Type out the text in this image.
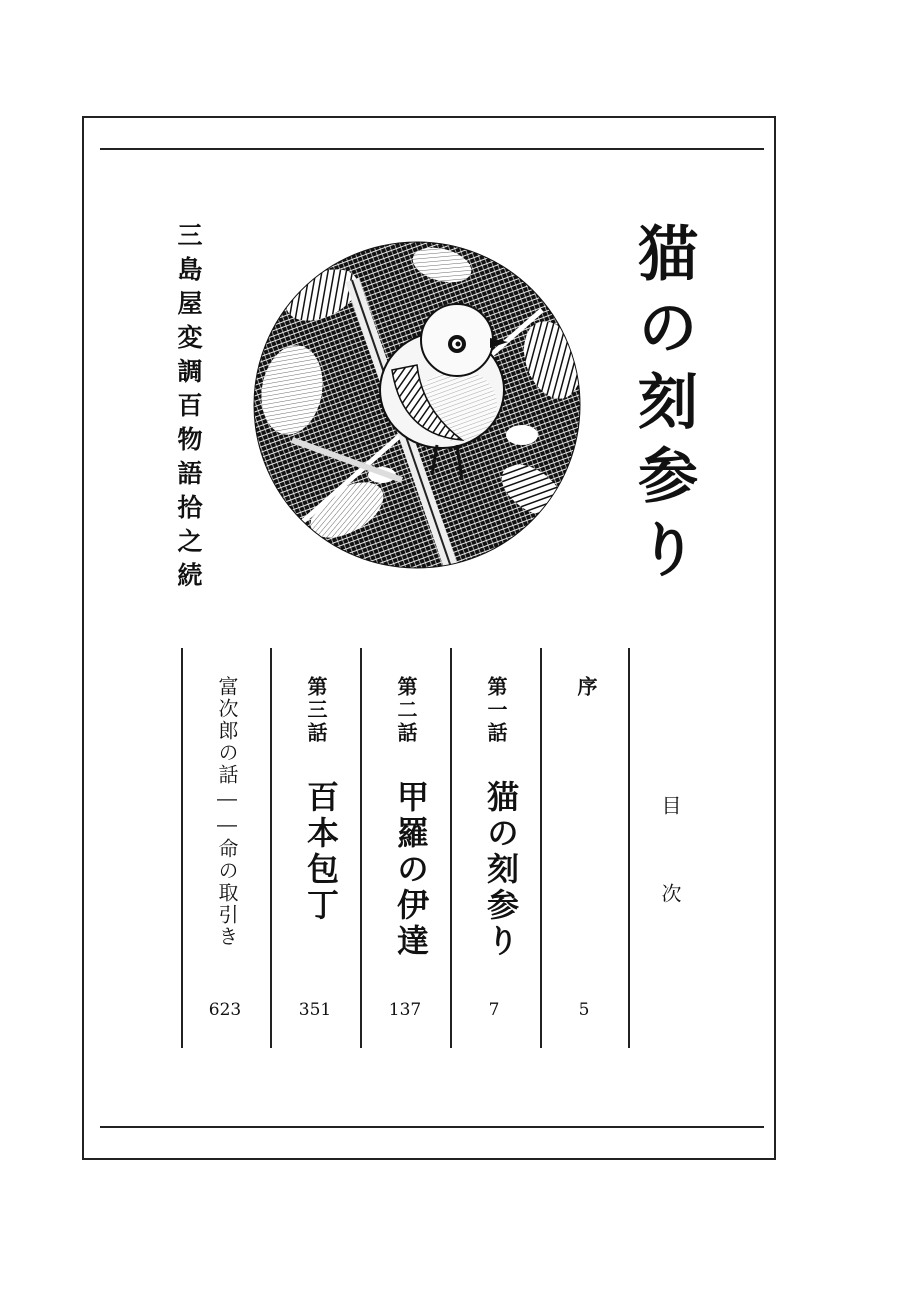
三島屋変調百物語拾之続	猫の刻参り
目　次
序
5
第一話
猫の刻参り
7
第二話
甲羅の伊達
137
第三話
百本包丁
351
富次郎の話――命の取引き
623
